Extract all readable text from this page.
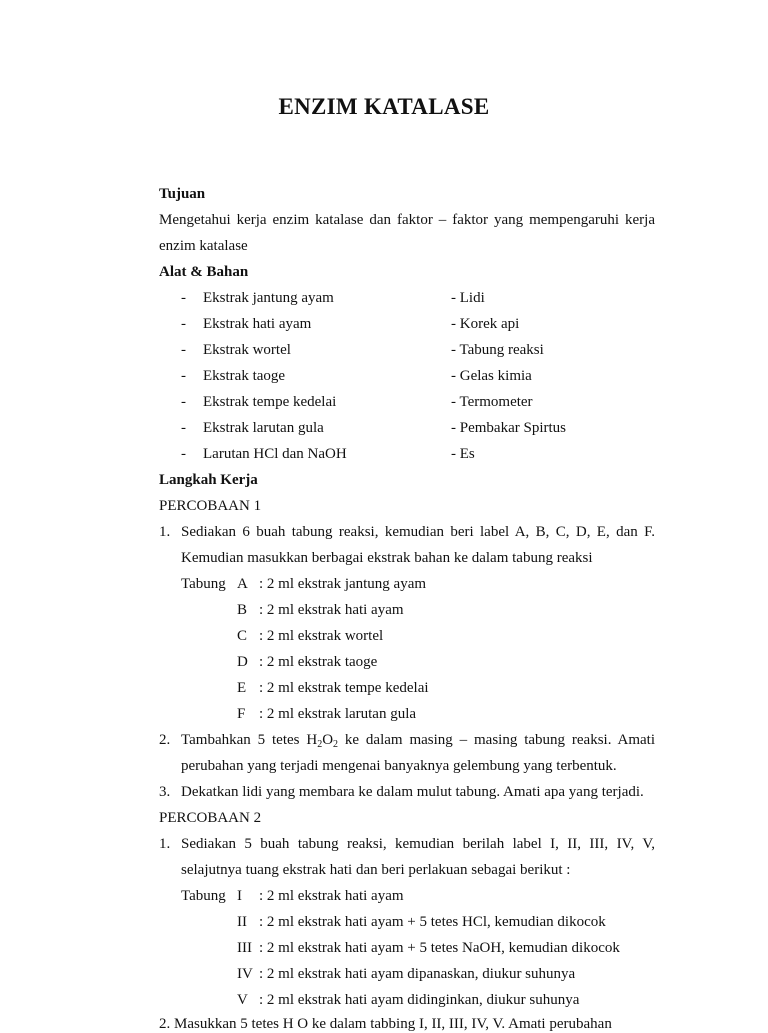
ENZIM KATALASE
Tujuan
Mengetahui kerja enzim katalase dan faktor – faktor yang mempengaruhi kerja
enzim katalase
Alat & Bahan
- Ekstrak jantung ayam	- Lidi
- Ekstrak hati ayam	- Korek api
- Ekstrak wortel	- Tabung reaksi
- Ekstrak taoge	- Gelas kimia
- Ekstrak tempe kedelai	- Termometer
- Ekstrak larutan gula	- Pembakar Spirtus
- Larutan HCl dan NaOH	- Es
Langkah Kerja
PERCOBAAN 1
1. Sediakan 6 buah tabung reaksi, kemudian beri label A, B, C, D, E, dan F.
Kemudian masukkan berbagai ekstrak bahan ke dalam tabung reaksi
Tabung A : 2 ml ekstrak jantung ayam
B : 2 ml ekstrak hati ayam
C : 2 ml ekstrak wortel
D : 2 ml ekstrak taoge
E : 2 ml ekstrak tempe kedelai
F : 2 ml ekstrak larutan gula
2. Tambahkan 5 tetes $H_2O_2$ ke dalam masing – masing tabung reaksi. Amati
perubahan yang terjadi mengenai banyaknya gelembung yang terbentuk.
3. Dekatkan lidi yang membara ke dalam mulut tabung. Amati apa yang terjadi.
PERCOBAAN 2
1. Sediakan 5 buah tabung reaksi, kemudian berilah label I, II, III, IV, V,
selajutnya tuang ekstrak hati dan beri perlakuan sebagai berikut :
Tabung I : 2 ml ekstrak hati ayam
II : 2 ml ekstrak hati ayam + 5 tetes HCl, kemudian dikocok
III : 2 ml ekstrak hati ayam + 5 tetes NaOH, kemudian dikocok
IV : 2 ml ekstrak hati ayam dipanaskan, diukur suhunya
V : 2 ml ekstrak hati ayam didinginkan, diukur suhunya
2. Masukkan 5 tetes H O ke dalam tabbing I, II, III, IV, V. Amati perubahan
